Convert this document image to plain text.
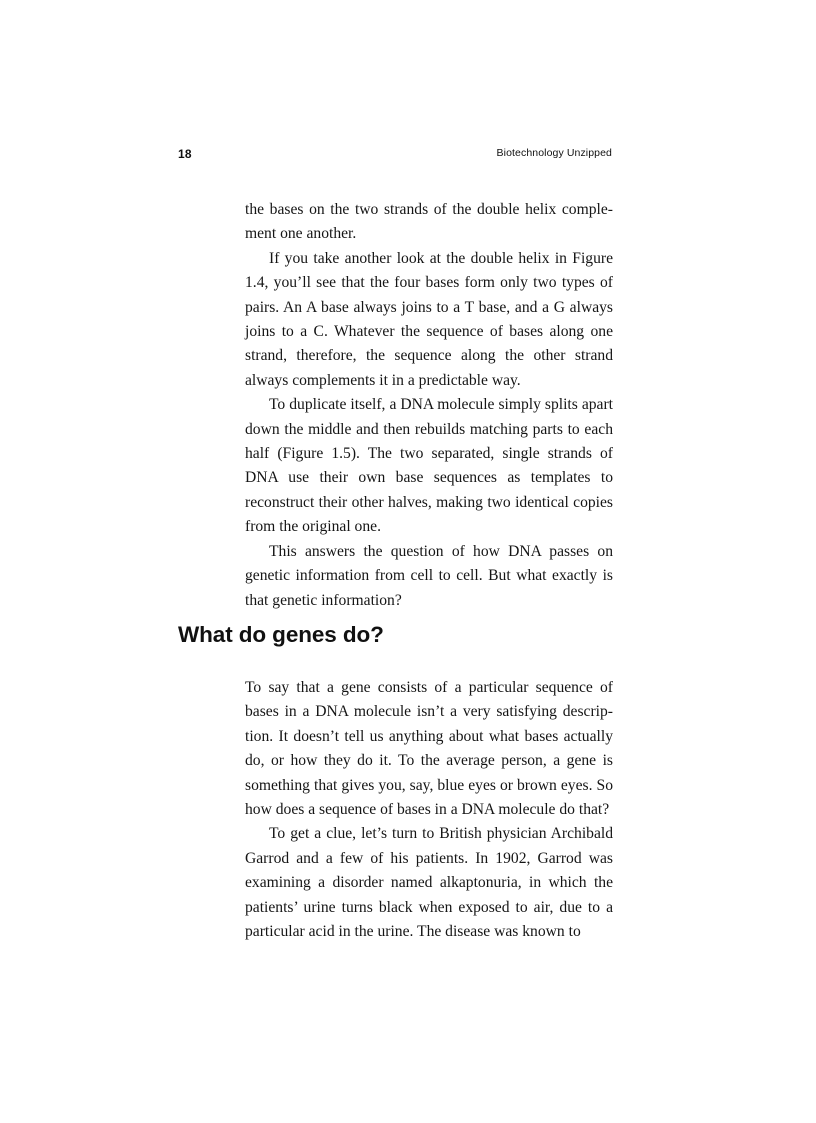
18	Biotechnology Unzipped

the bases on the two strands of the double helix complement one another.

If you take another look at the double helix in Figure 1.4, you’ll see that the four bases form only two types of pairs. An A base always joins to a T base, and a G always joins to a C. Whatever the sequence of bases along one strand, therefore, the sequence along the other strand always complements it in a predictable way.

To duplicate itself, a DNA molecule simply splits apart down the middle and then rebuilds matching parts to each half (Figure 1.5). The two separated, single strands of DNA use their own base sequences as templates to reconstruct their other halves, making two identical copies from the original one.

This answers the question of how DNA passes on genetic information from cell to cell. But what exactly is that genetic information?

What do genes do?

To say that a gene consists of a particular sequence of bases in a DNA molecule isn’t a very satisfying description. It doesn’t tell us anything about what bases actually do, or how they do it. To the average person, a gene is something that gives you, say, blue eyes or brown eyes. So how does a sequence of bases in a DNA molecule do that?

To get a clue, let’s turn to British physician Archibald Garrod and a few of his patients. In 1902, Garrod was examining a disorder named alkaptonuria, in which the patients’ urine turns black when exposed to air, due to a particular acid in the urine. The disease was known to
